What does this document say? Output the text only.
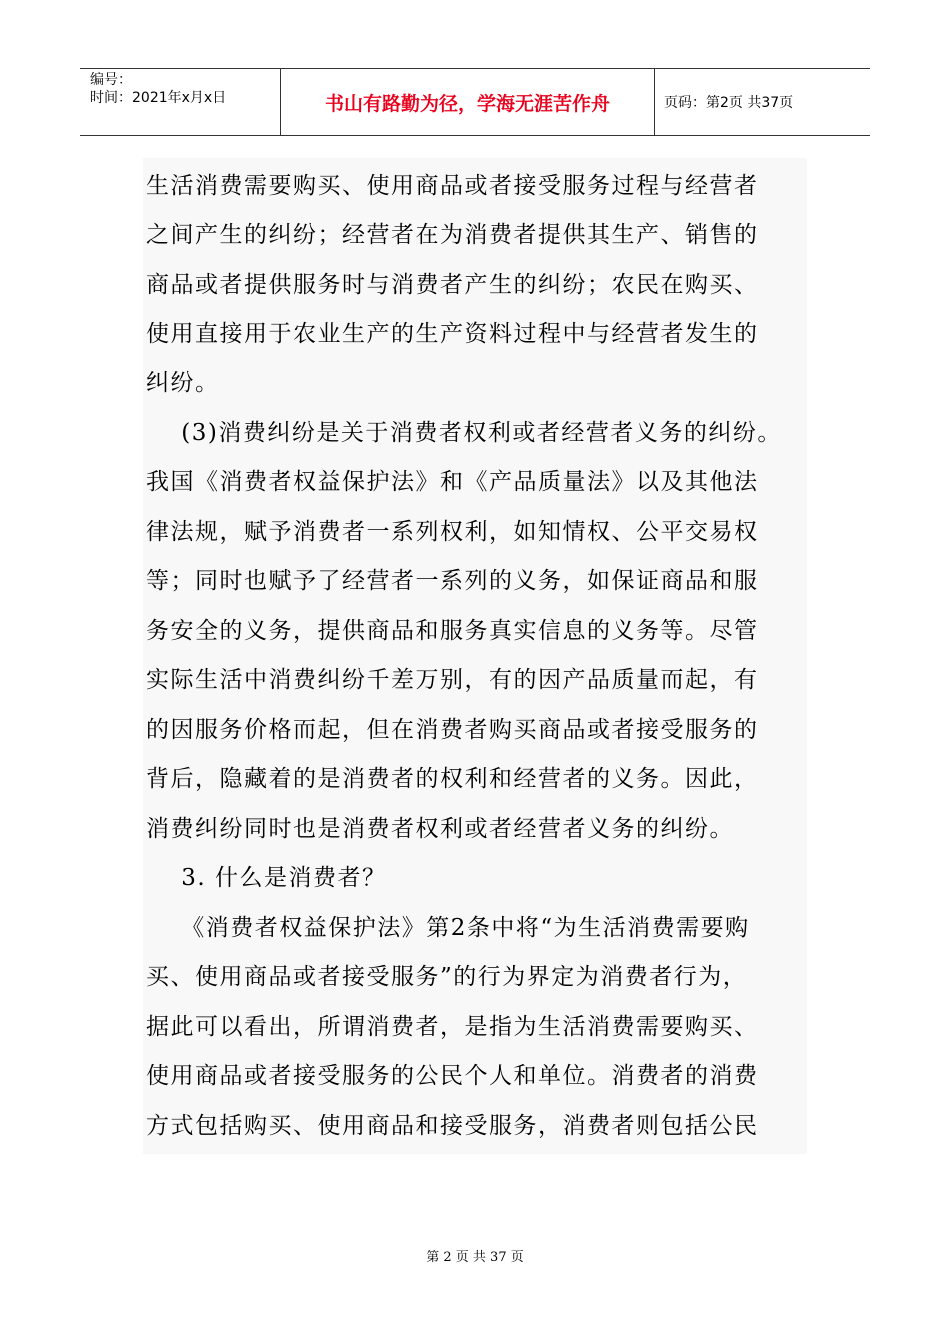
编号：
时间：2021年x月x日	书山有路勤为径，学海无涯苦作舟	页码：第2页 共37页
生活消费需要购买、使用商品或者接受服务过程与经营者
之间产生的纠纷；经营者在为消费者提供其生产、销售的
商品或者提供服务时与消费者产生的纠纷；农民在购买、
使用直接用于农业生产的生产资料过程中与经营者发生的
纠纷。
(3)消费纠纷是关于消费者权利或者经营者义务的纠纷。
我国《消费者权益保护法》和《产品质量法》以及其他法
律法规，赋予消费者一系列权利，如知情权、公平交易权
等；同时也赋予了经营者一系列的义务，如保证商品和服
务安全的义务，提供商品和服务真实信息的义务等。尽管
实际生活中消费纠纷千差万别，有的因产品质量而起，有
的因服务价格而起，但在消费者购买商品或者接受服务的
背后，隐藏着的是消费者的权利和经营者的义务。因此，
消费纠纷同时也是消费者权利或者经营者义务的纠纷。
3. 什么是消费者？
《消费者权益保护法》第2条中将“为生活消费需要购
买、使用商品或者接受服务”的行为界定为消费者行为，
据此可以看出，所谓消费者，是指为生活消费需要购买、
使用商品或者接受服务的公民个人和单位。消费者的消费
方式包括购买、使用商品和接受服务，消费者则包括公民
第 2 页 共 37 页
